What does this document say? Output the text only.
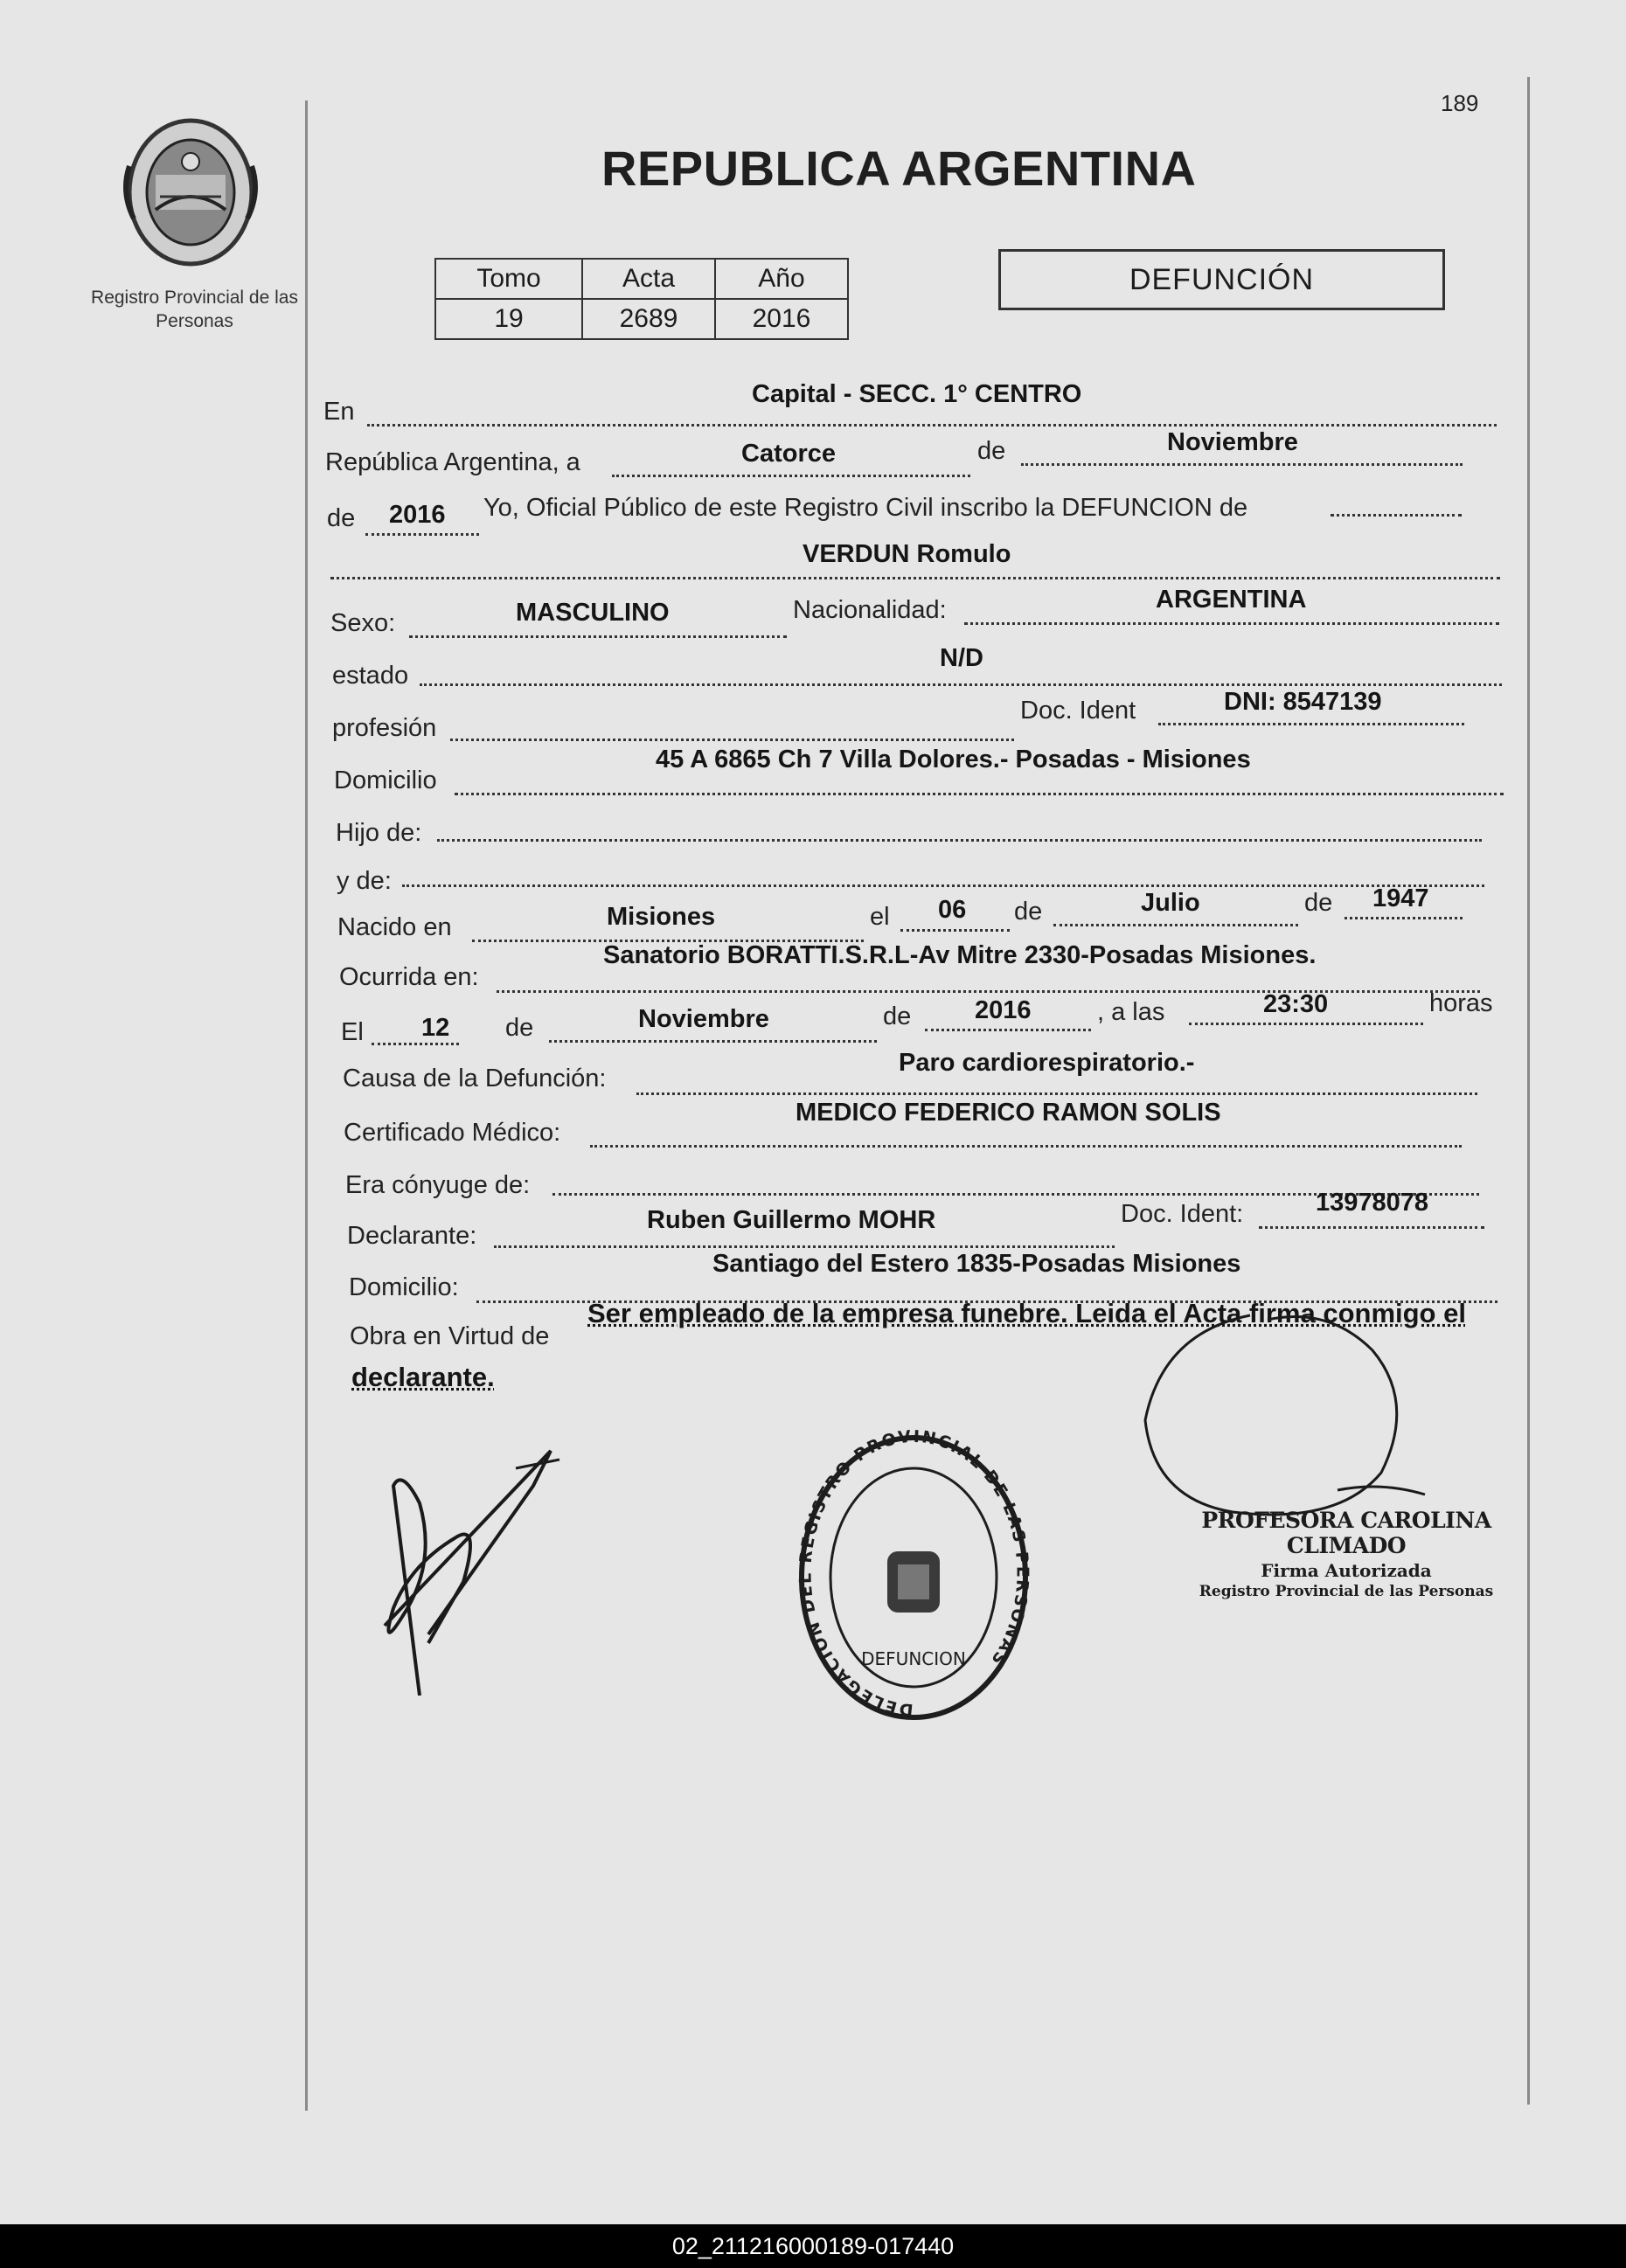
Registro Provincial de las Personas
189
REPUBLICA ARGENTINA
Tomo	Acta	Año
19	2689	2016
DEFUNCIÓN
En
Capital - SECC. 1° CENTRO
República Argentina, a	Catorce	de	Noviembre
de 2016 Yo, Oficial Público de este Registro Civil inscribo la DEFUNCION de
VERDUN Romulo
Sexo:	MASCULINO	Nacionalidad:	ARGENTINA
estado
N/D
profesión
Doc. Ident	DNI: 8547139
Domicilio
45 A 6865 Ch 7 Villa Dolores.- Posadas - Misiones
Hijo de:
y de:
Nacido en	Misiones	el 06 de	Julio	de 1947
Ocurrida en:
Sanatorio BORATTI.S.R.L-Av Mitre 2330-Posadas Misiones.
El 12 de	Noviembre	de	2016	, a las	23:30	horas
Causa de la Defunción:
Paro cardiorespiratorio.-
Certificado Médico:
MEDICO FEDERICO RAMON SOLIS
Era cónyuge de:
Declarante:
Ruben Guillermo MOHR	Doc. Ident:	13978078
Domicilio:
Santiago del Estero 1835-Posadas Misiones
Obra en Virtud de
Ser empleado de la empresa funebre. Leida el Acta firma conmigo el
declarante.
DELEGACION DEL REGISTRO PROVINCIAL DE LAS PERSONAS
DEFUNCION
PROFESORA CAROLINA CLIMADO
Firma Autorizada
Registro Provincial de las Personas
02_211216000189-017440
